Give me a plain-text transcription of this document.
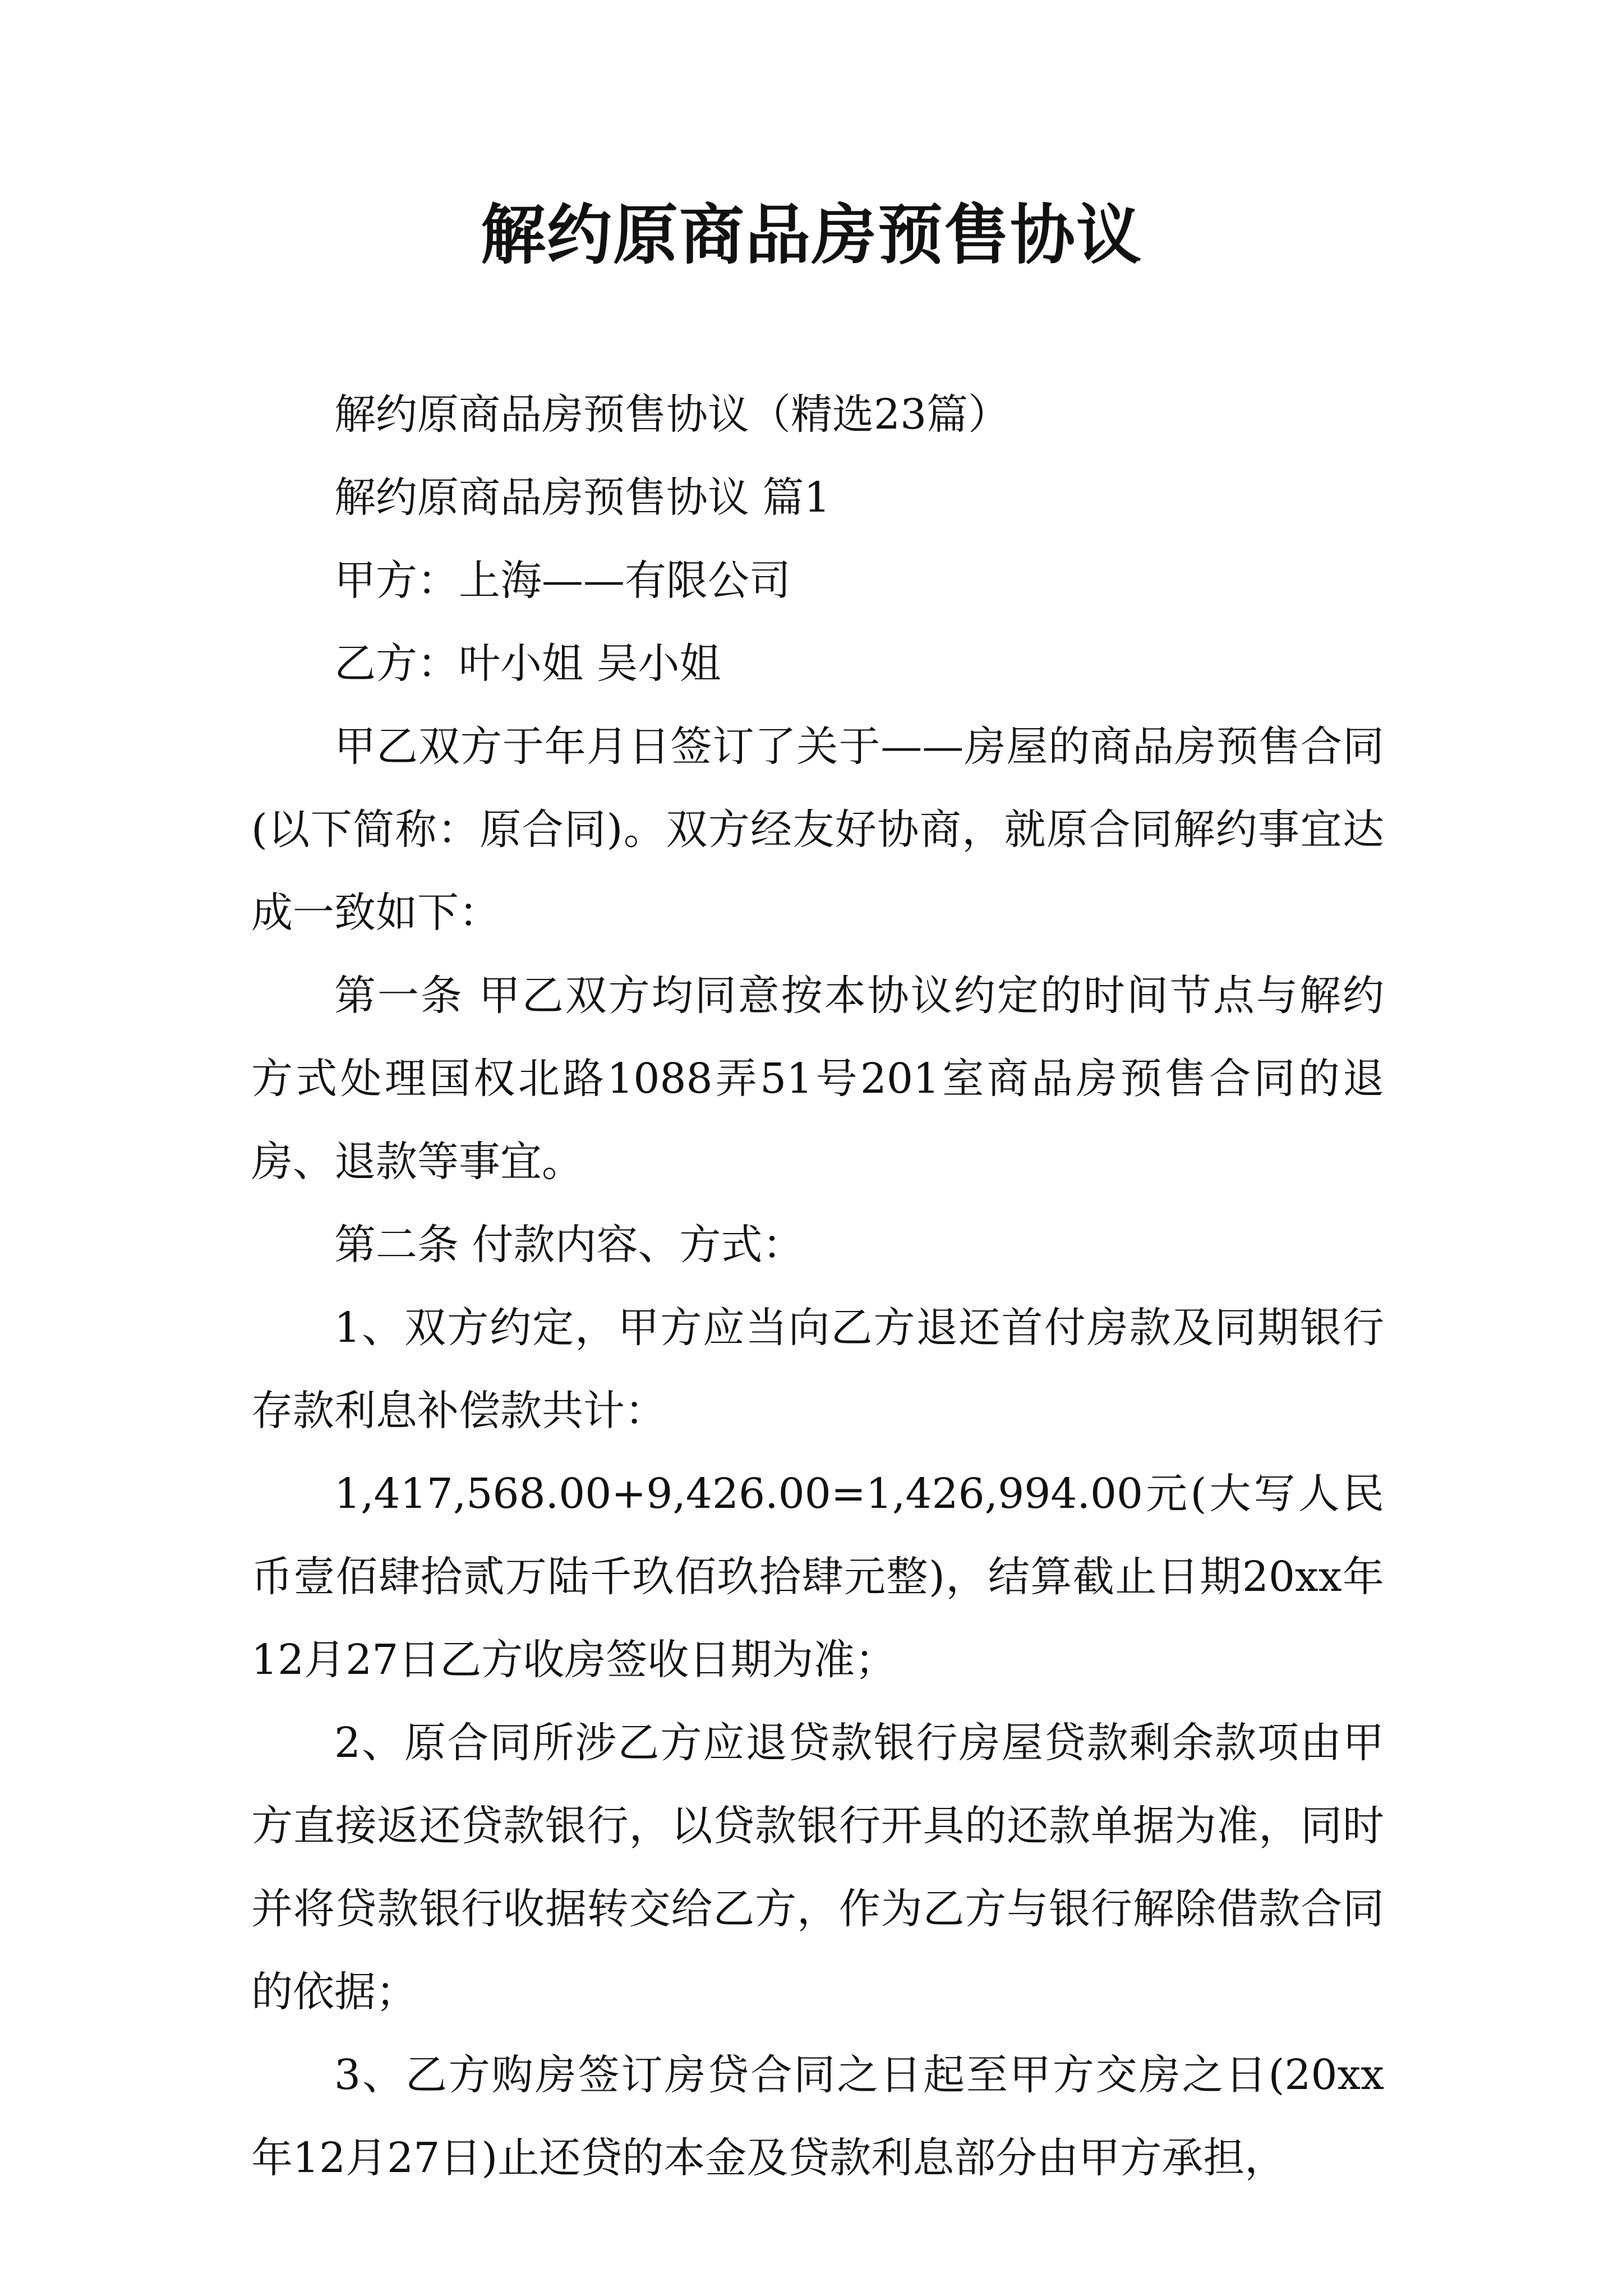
解约原商品房预售协议

解约原商品房预售协议（精选23篇）

解约原商品房预售协议 篇1

甲方：上海——有限公司

乙方：叶小姐 吴小姐

甲乙双方于年月日签订了关于——房屋的商品房预售合同(以下简称：原合同)。双方经友好协商，就原合同解约事宜达成一致如下：

第一条 甲乙双方均同意按本协议约定的时间节点与解约方式处理国权北路1088弄51号201室商品房预售合同的退房、退款等事宜。

第二条 付款内容、方式：

1、双方约定，甲方应当向乙方退还首付房款及同期银行存款利息补偿款共计：

1,417,568.00+9,426.00=1,426,994.00元(大写人民币壹佰肆拾贰万陆千玖佰玖拾肆元整)，结算截止日期20xx年12月27日乙方收房签收日期为准；

2、原合同所涉乙方应退贷款银行房屋贷款剩余款项由甲方直接返还贷款银行，以贷款银行开具的还款单据为准，同时并将贷款银行收据转交给乙方，作为乙方与银行解除借款合同的依据；

3、乙方购房签订房贷合同之日起至甲方交房之日(20xx年12月27日)止还贷的本金及贷款利息部分由甲方承担，
